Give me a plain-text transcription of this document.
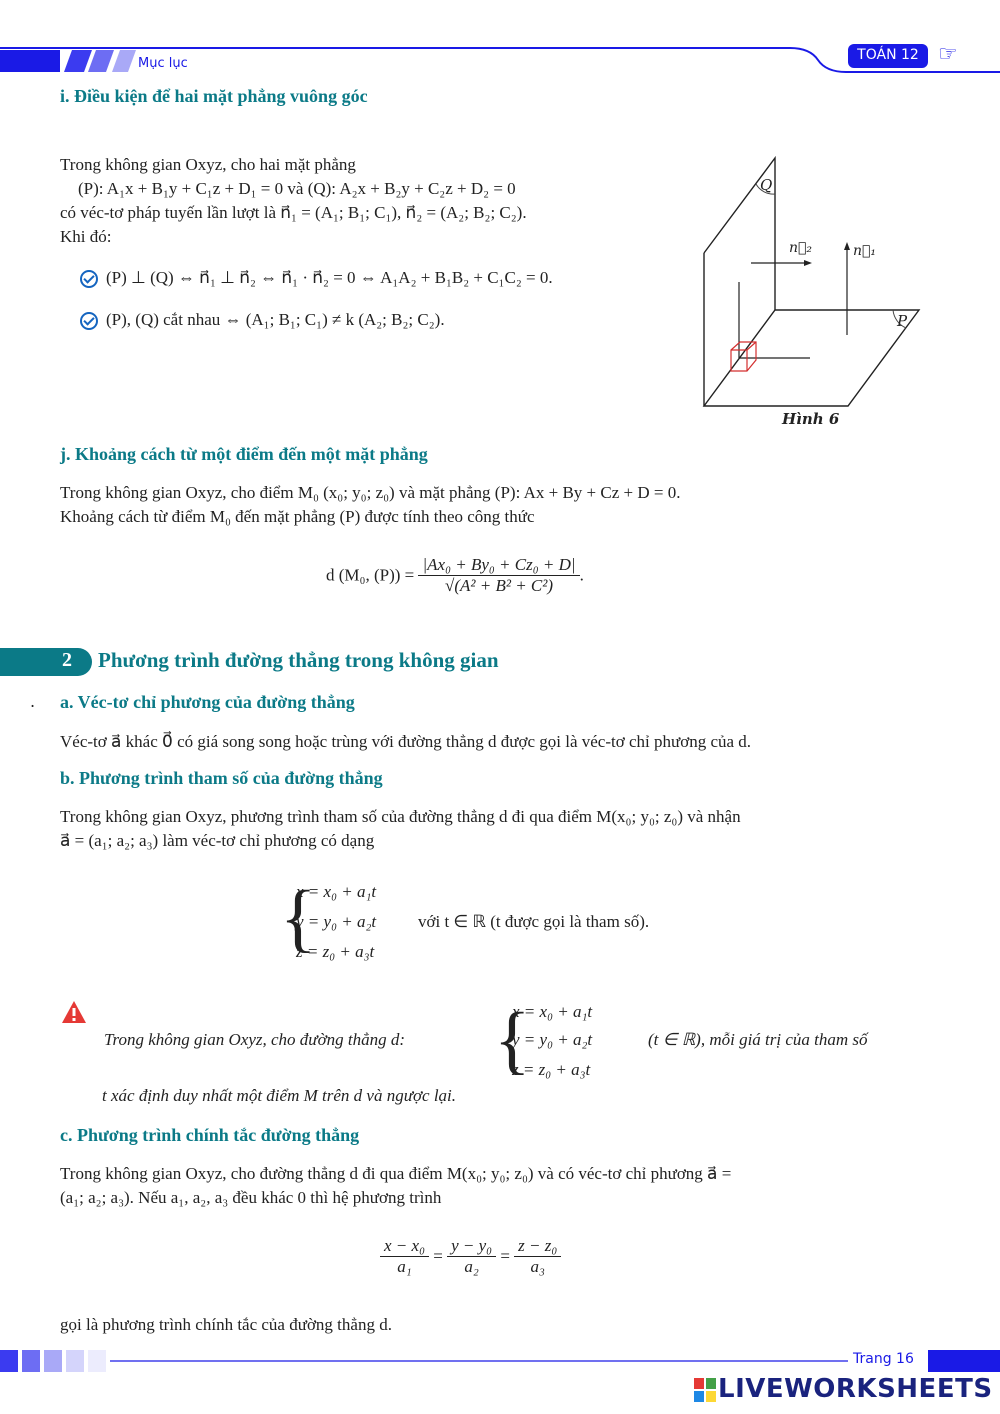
Mục lục
TOÁN 12 ☞
i. Điều kiện để hai mặt phẳng vuông góc
Trong không gian Oxyz, cho hai mặt phẳng
(P): A₁x + B₁y + C₁z + D₁ = 0 và (Q): A₂x + B₂y + C₂z + D₂ = 0
có véc-tơ pháp tuyến lần lượt là n⃗₁ = (A₁; B₁; C₁), n⃗₂ = (A₂; B₂; C₂).
Khi đó:
(P) ⊥ (Q) ⇔ n⃗₁ ⊥ n⃗₂ ⇔ n⃗₁ · n⃗₂ = 0 ⇔ A₁A₂ + B₁B₂ + C₁C₂ = 0.
(P), (Q) cắt nhau ⇔ (A₁; B₁; C₁) ≠ k (A₂; B₂; C₂).
Q
P
n⃗₂	n⃗₁
Hình 6
j. Khoảng cách từ một điểm đến một mặt phẳng
Trong không gian Oxyz, cho điểm M₀ (x₀; y₀; z₀) và mặt phẳng (P): Ax + By + Cz + D = 0.
Khoảng cách từ điểm M₀ đến mặt phẳng (P) được tính theo công thức
d (M₀, $(P)) = \frac{\text{|Ax₀ + By₀ + Cz₀ + D|}}{\text{√(A² + B² + C²)}}$ .
2 Phương trình đường thẳng trong không gian
. a. Véc-tơ chỉ phương của đường thẳng
Véc-tơ a⃗ khác 0⃗ có giá song song hoặc trùng với đường thẳng d được gọi là véc-tơ chỉ phương của d.
b. Phương trình tham số của đường thẳng
Trong không gian Oxyz, phương trình tham số của đường thẳng d đi qua điểm M(x₀; y₀; z₀) và nhận
a⃗ = (a₁; a₂; a₃) làm véc-tơ chỉ phương có dạng
{
x = x₀ + a₁t
y = y₀ + a₂t
z = z₀ + a₃t
với t ∈ ℝ (t được gọi là tham số).
Trong không gian Oxyz, cho đường thẳng d: {
x = x₀ + a₁t
y = y₀ + a₂t
z = z₀ + a₃t
(t ∈ ℝ), mỗi giá trị của tham số
t xác định duy nhất một điểm M trên d và ngược lại.
c. Phương trình chính tắc đường thẳng
Trong không gian Oxyz, cho đường thẳng d đi qua điểm M(x₀; y₀; z₀) và có véc-tơ chỉ phương a⃗ =
(a₁; a₂; a₃). Nếu a₁, a₂, a₃ đều khác 0 thì hệ phương trình
$\frac{\text{x − x₀}}{\text{a₁}} = \frac{\text{y − y₀}}{\text{a₂}} = \frac{\text{z − z₀}}{\text{a₃}}$
gọi là phương trình chính tắc của đường thẳng d.
Trang 16
LIVEWORKSHEETS
